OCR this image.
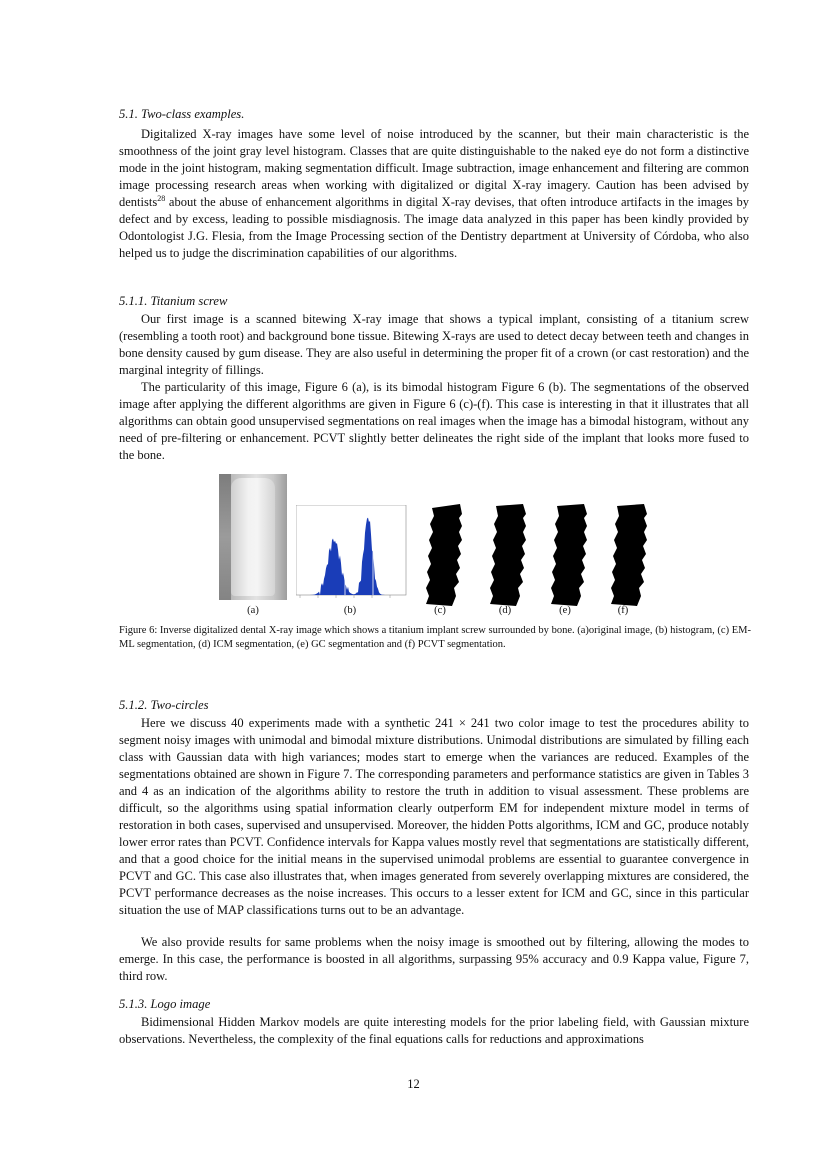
5.1. Two-class examples.

Digitalized X-ray images have some level of noise introduced by the scanner, but their main characteristic is the smoothness of the joint gray level histogram. Classes that are quite distinguishable to the naked eye do not form a distinctive mode in the joint histogram, making segmentation difficult. Image subtraction, image enhancement and filtering are common image processing research areas when working with digitalized or digital X-ray imagery. Caution has been advised by dentists$^{28}$ about the abuse of enhancement algorithms in digital X-ray devises, that often introduce artifacts in the images by defect and by excess, leading to possible misdiagnosis. The image data analyzed in this paper has been kindly provided by Odontologist J.G. Flesia, from the Image Processing section of the Dentistry department at University of Córdoba, who also helped us to judge the discrimination capabilities of our algorithms.

5.1.1. Titanium screw

Our first image is a scanned bitewing X-ray image that shows a typical implant, consisting of a titanium screw (resembling a tooth root) and background bone tissue. Bitewing X-rays are used to detect decay between teeth and changes in bone density caused by gum disease. They are also useful in determining the proper fit of a crown (or cast restoration) and the marginal integrity of fillings.

The particularity of this image, Figure 6 (a), is its bimodal histogram Figure 6 (b). The segmentations of the observed image after applying the different algorithms are given in Figure 6 (c)-(f). This case is interesting in that it illustrates that all algorithms can obtain good unsupervised segmentations on real images when the image has a bimodal histogram, without any need of pre-filtering or enhancement. PCVT slightly better delineates the right side of the implant that looks more fused to the bone.

(a)	(b)	(c)	(d)	(e)	(f)

Figure 6: Inverse digitalized dental X-ray image which shows a titanium implant screw surrounded by bone. (a)original image, (b) histogram, (c) EM-ML segmentation, (d) ICM segmentation, (e) GC segmentation and (f) PCVT segmentation.

5.1.2. Two-circles

Here we discuss 40 experiments made with a synthetic 241 × 241 two color image to test the procedures ability to segment noisy images with unimodal and bimodal mixture distributions. Unimodal distributions are simulated by filling each class with Gaussian data with high variances; modes start to emerge when the variances are reduced. Examples of the segmentations obtained are shown in Figure 7. The corresponding parameters and performance statistics are given in Tables 3 and 4 as an indication of the algorithms ability to restore the truth in addition to visual assessment. These problems are difficult, so the algorithms using spatial information clearly outperform EM for independent mixture model in terms of restoration in both cases, supervised and unsupervised. Moreover, the hidden Potts algorithms, ICM and GC, produce notably lower error rates than PCVT. Confidence intervals for Kappa values mostly revel that segmentations are statistically different, and that a good choice for the initial means in the supervised unimodal problems are essential to guarantee convergence in PCVT and GC. This case also illustrates that, when images generated from severely overlapping mixtures are considered, the PCVT performance decreases as the noise increases. This occurs to a lesser extent for ICM and GC, since in this particular situation the use of MAP classifications turns out to be an advantage.

We also provide results for same problems when the noisy image is smoothed out by filtering, allowing the modes to emerge. In this case, the performance is boosted in all algorithms, surpassing 95% accuracy and 0.9 Kappa value, Figure 7, third row.

5.1.3. Logo image

Bidimensional Hidden Markov models are quite interesting models for the prior labeling field, with Gaussian mixture observations. Nevertheless, the complexity of the final equations calls for reductions and approximations

12
